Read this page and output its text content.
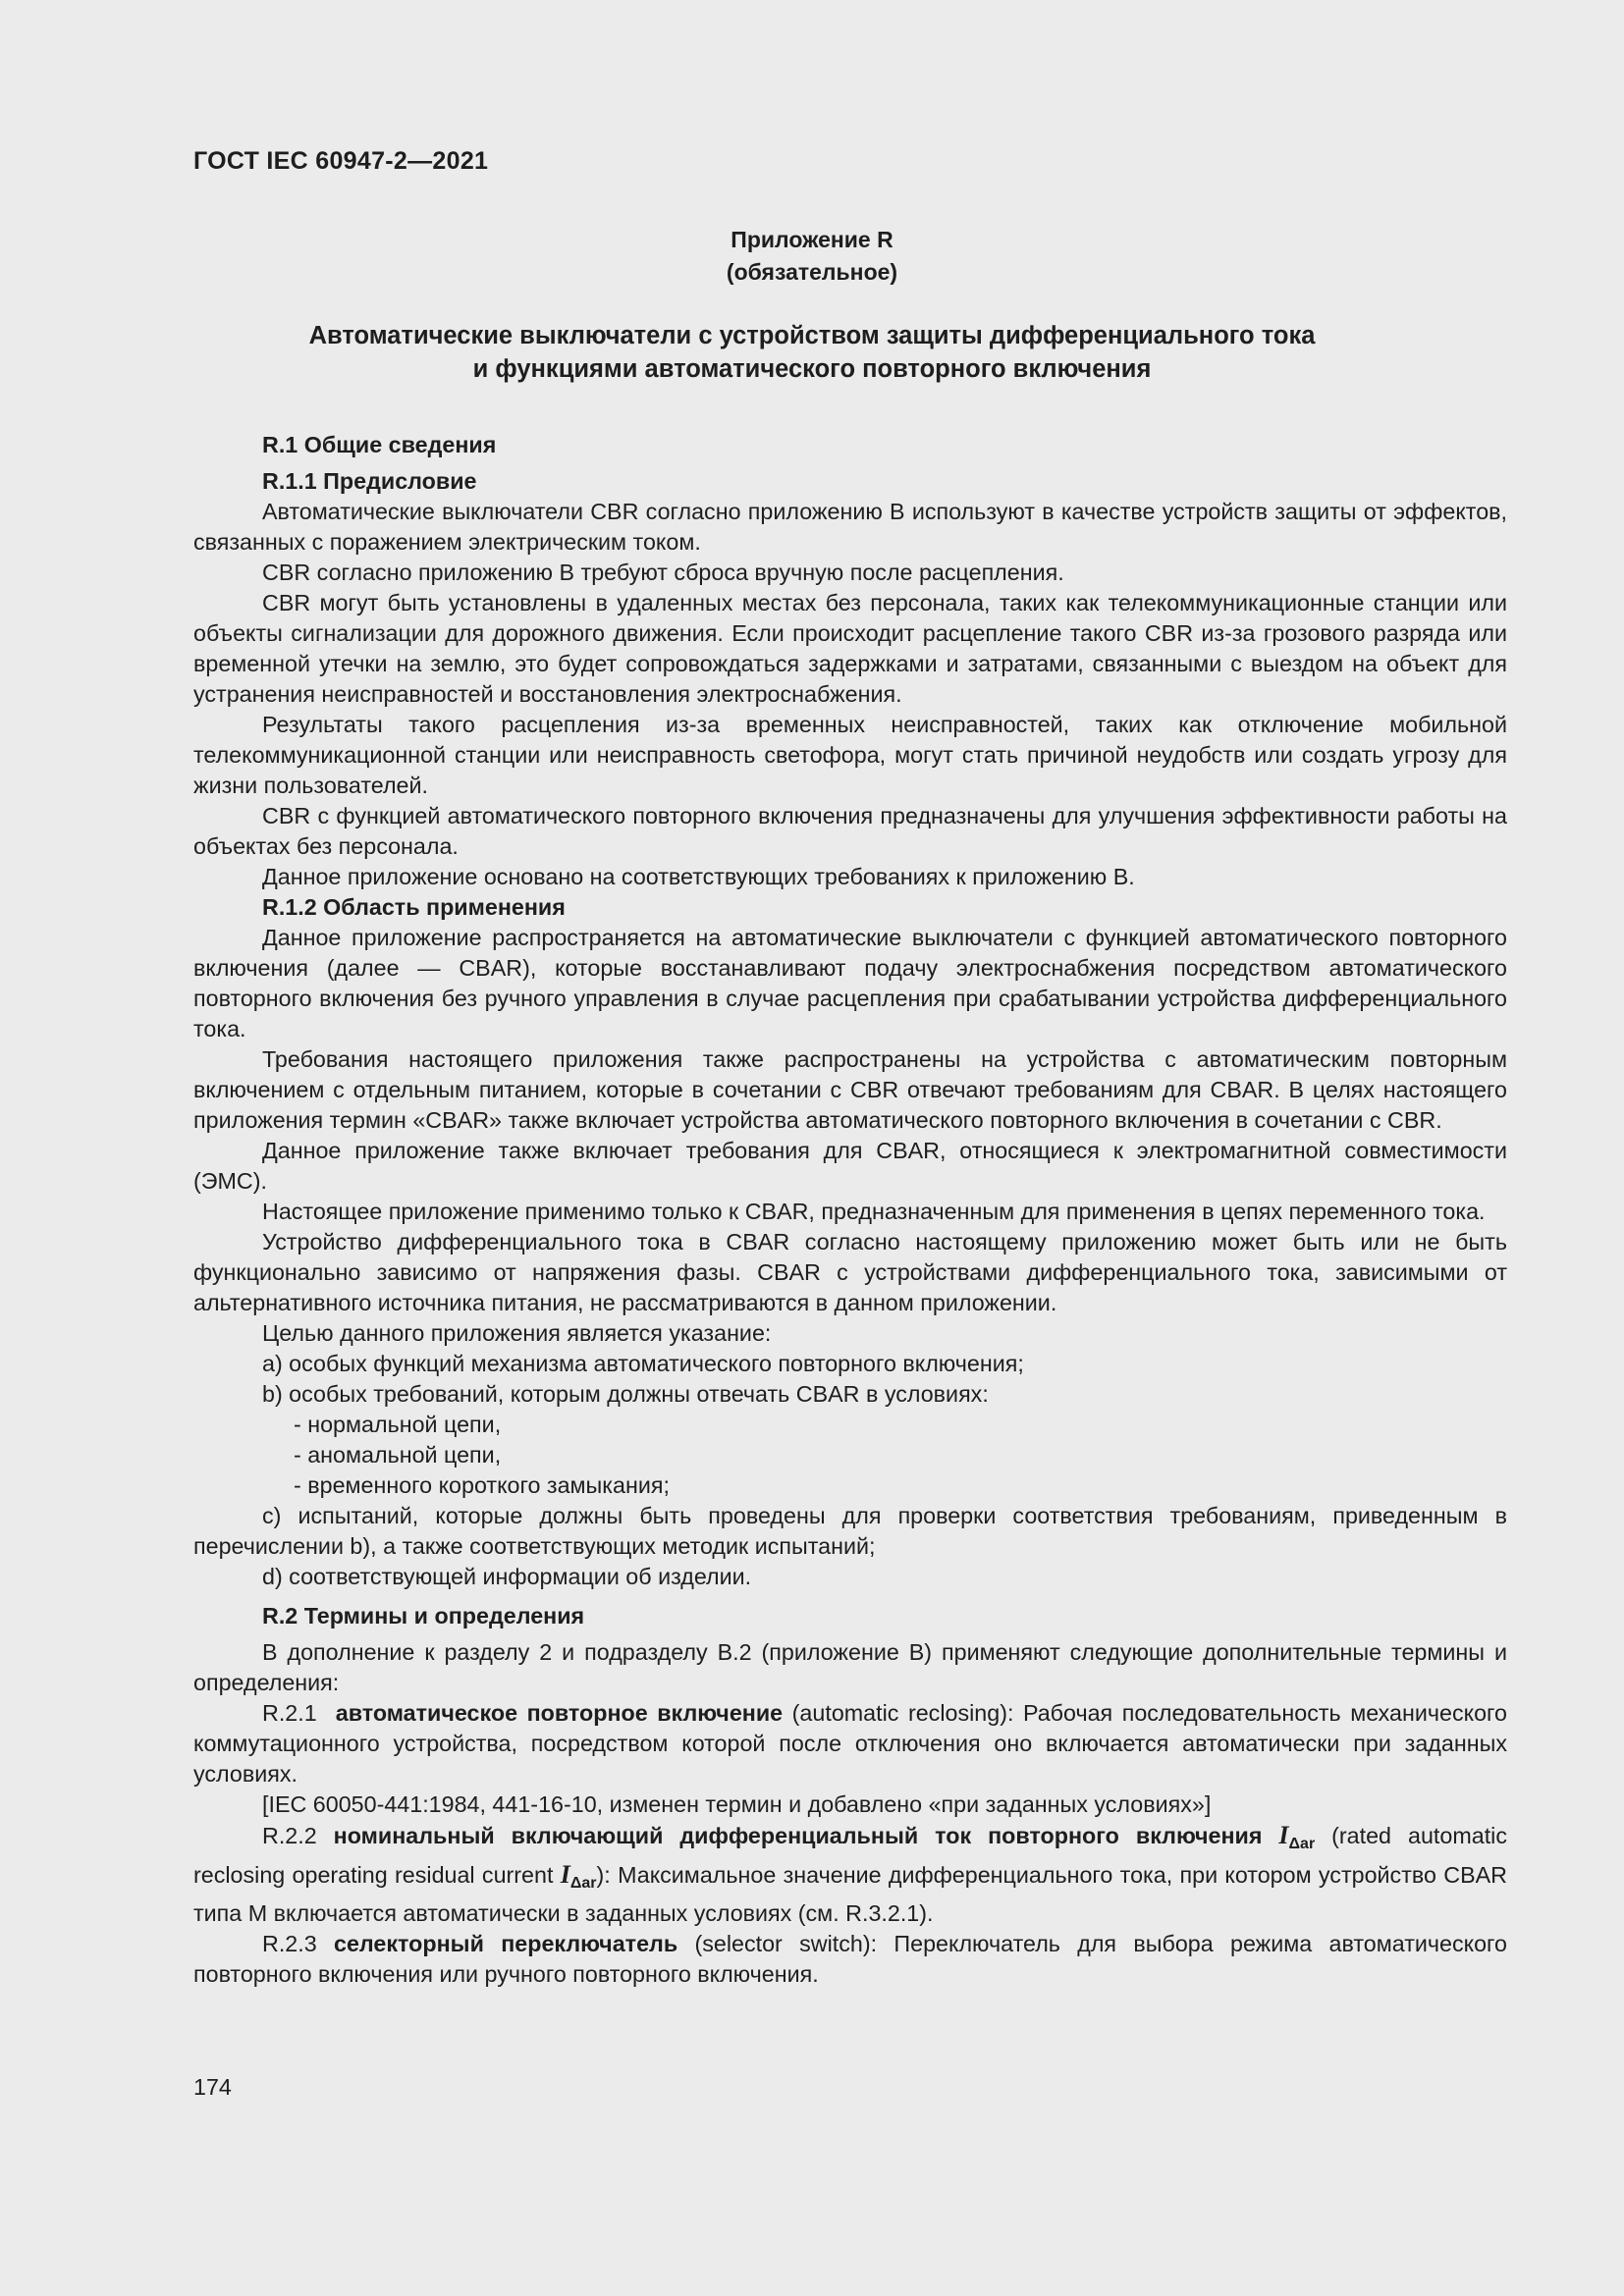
ГОСТ IEC 60947-2—2021
Приложение R
(обязательное)
Автоматические выключатели с устройством защиты дифференциального тока
и функциями автоматического повторного включения
R.1 Общие сведения
R.1.1 Предисловие

Автоматические выключатели CBR согласно приложению B используют в качестве устройств защиты от эффектов, связанных с поражением электрическим током.

CBR согласно приложению B требуют сброса вручную после расцепления.

CBR могут быть установлены в удаленных местах без персонала, таких как телекоммуникационные станции или объекты сигнализации для дорожного движения. Если происходит расцепление такого CBR из-за грозового разряда или временной утечки на землю, это будет сопровождаться задержками и затратами, связанными с выездом на объект для устранения неисправностей и восстановления электроснабжения.

Результаты такого расцепления из-за временных неисправностей, таких как отключение мобильной телекоммуникационной станции или неисправность светофора, могут стать причиной неудобств или создать угрозу для жизни пользователей.

CBR с функцией автоматического повторного включения предназначены для улучшения эффективности работы на объектах без персонала.

Данное приложение основано на соответствующих требованиях к приложению B.

R.1.2 Область применения

Данное приложение распространяется на автоматические выключатели с функцией автоматического повторного включения (далее — CBAR), которые восстанавливают подачу электроснабжения посредством автоматического повторного включения без ручного управления в случае расцепления при срабатывании устройства дифференциального тока.

Требования настоящего приложения также распространены на устройства с автоматическим повторным включением с отдельным питанием, которые в сочетании с CBR отвечают требованиям для CBAR. В целях настоящего приложения термин «CBAR» также включает устройства автоматического повторного включения в сочетании с CBR.

Данное приложение также включает требования для CBAR, относящиеся к электромагнитной совместимости (ЭМС).

Настоящее приложение применимо только к CBAR, предназначенным для применения в цепях переменного тока.

Устройство дифференциального тока в CBAR согласно настоящему приложению может быть или не быть функционально зависимо от напряжения фазы. CBAR с устройствами дифференциального тока, зависимыми от альтернативного источника питания, не рассматриваются в данном приложении.

Целью данного приложения является указание:

a) особых функций механизма автоматического повторного включения;

b) особых требований, которым должны отвечать CBAR в условиях:

- нормальной цепи,

- аномальной цепи,

- временного короткого замыкания;

c) испытаний, которые должны быть проведены для проверки соответствия требованиям, приведенным в перечислении b), а также соответствующих методик испытаний;

d) соответствующей информации об изделии.

R.2 Термины и определения

В дополнение к разделу 2 и подразделу B.2 (приложение B) применяют следующие дополнительные термины и определения:

R.2.1 автоматическое повторное включение (automatic reclosing): Рабочая последовательность механического коммутационного устройства, посредством которой после отключения оно включается автоматически при заданных условиях.

[IEC 60050-441:1984, 441-16-10, изменен термин и добавлено «при заданных условиях»]

R.2.2 номинальный включающий дифференциальный ток повторного включения $I_{\Delta ar}$ (rated automatic reclosing operating residual current $I_{\Delta ar}$): Максимальное значение дифференциального тока, при котором устройство CBAR типа M включается автоматически в заданных условиях (см. R.3.2.1).

R.2.3 селекторный переключатель (selector switch): Переключатель для выбора режима автоматического повторного включения или ручного повторного включения.

174
